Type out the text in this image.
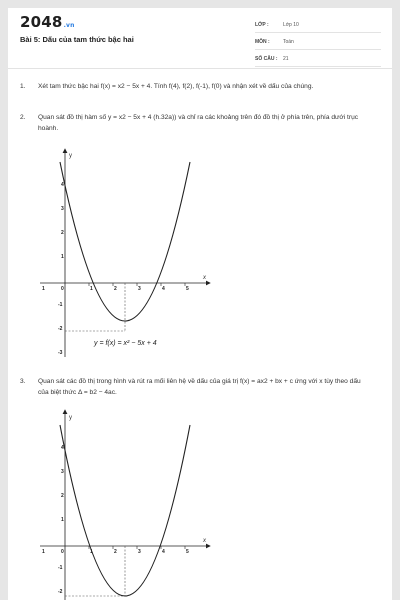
2048.vn
Bài 5: Dấu của tam thức bậc hai
LỚP :	Lớp 10
MÔN :	Toán
SỐ CÂU : 21
1. Xét tam thức bậc hai f(x) = x2 − 5x + 4. Tính f(4), f(2), f(-1), f(0) và nhận xét về dấu của chúng.
2. Quan sát đồ thị hàm số y = x2 − 5x + 4 (h.32a)) và chỉ ra các khoảng trên đó đồ thị ở phía trên, phía dưới trục hoành.
y
x
1	0	1	2	3	4	5
4
3
2
1
-1
-2
-3
y = f(x) = x² − 5x + 4
3. Quan sát các đồ thị trong hình và rút ra mối liên hệ về dấu của giá trị f(x) = ax2 + bx + c ứng với x tùy theo dấu của biệt thức Δ = b2 − 4ac.
y
x
1	0	1	2	3	4	5
4
3
2
1
-1
-2
